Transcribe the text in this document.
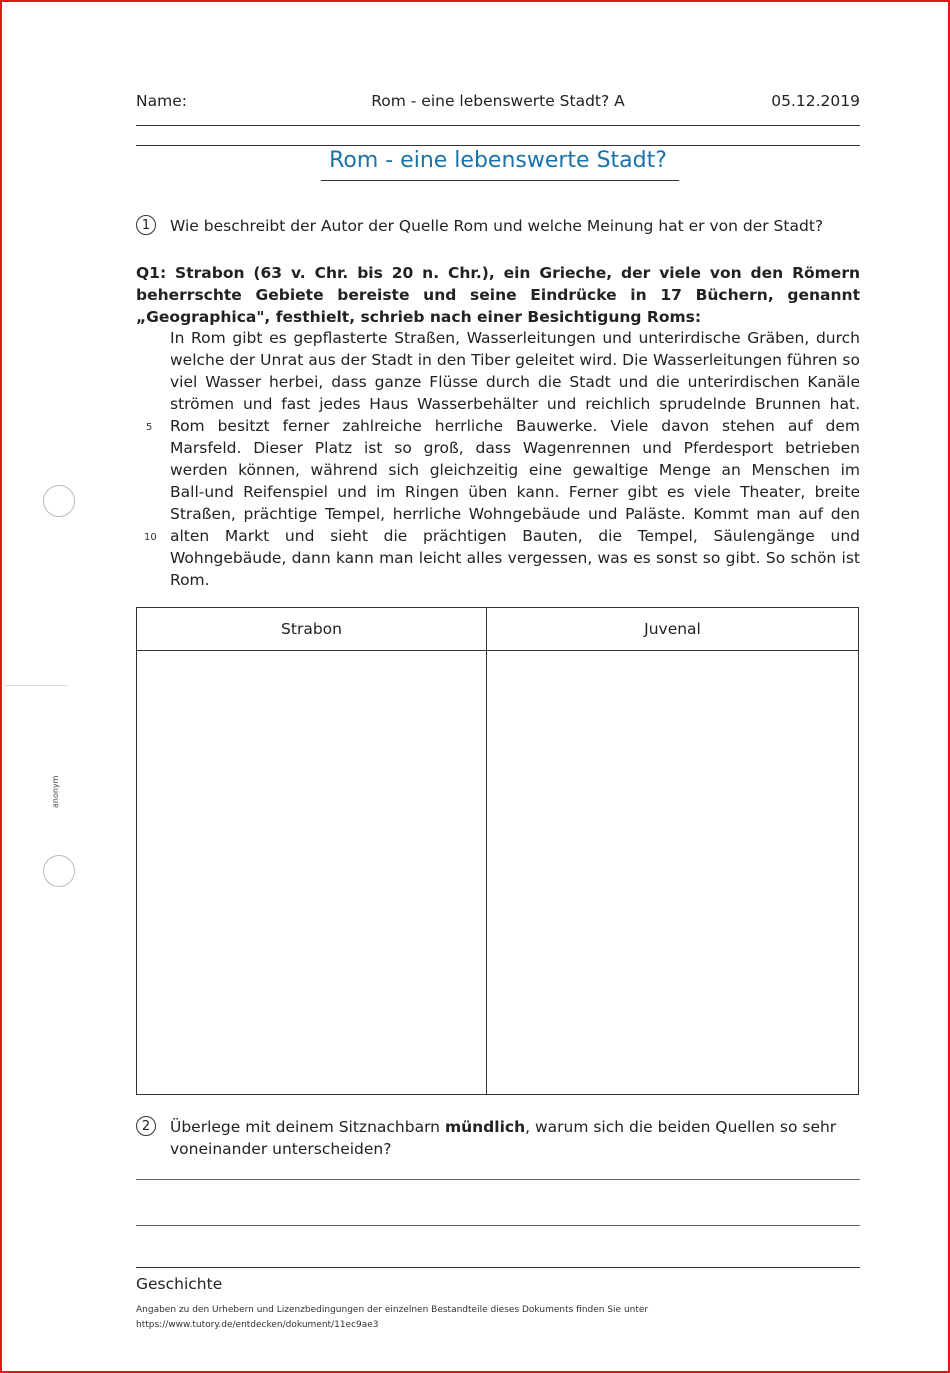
Name:	Rom - eine lebenswerte Stadt? A	05.12.2019
Rom - eine lebenswerte Stadt?
1	Wie beschreibt der Autor der Quelle Rom und welche Meinung hat er von der Stadt?
Q1: Strabon (63 v. Chr. bis 20 n. Chr.), ein Grieche, der viele von den Römern
beherrschte Gebiete bereiste und seine Eindrücke in 17 Büchern, genannt
„Geographica", festhielt, schrieb nach einer Besichtigung Roms:
In Rom gibt es gepflasterte Straßen, Wasserleitungen und unterirdische Gräben, durch
welche der Unrat aus der Stadt in den Tiber geleitet wird. Die Wasserleitungen führen so
viel Wasser herbei, dass ganze Flüsse durch die Stadt und die unterirdischen Kanäle
strömen und fast jedes Haus Wasserbehälter und reichlich sprudelnde Brunnen hat.
Rom besitzt ferner zahlreiche herrliche Bauwerke. Viele davon stehen auf dem
Marsfeld. Dieser Platz ist so groß, dass Wagenrennen und Pferdesport betrieben
werden können, während sich gleichzeitig eine gewaltige Menge an Menschen im
Ball-und Reifenspiel und im Ringen üben kann. Ferner gibt es viele Theater, breite
Straßen, prächtige Tempel, herrliche Wohngebäude und Paläste. Kommt man auf den
alten Markt und sieht die prächtigen Bauten, die Tempel, Säulengänge und
Wohngebäude, dann kann man leicht alles vergessen, was es sonst so gibt. So schön ist
Rom.
5
10
Strabon	Juvenal

2	Überlege mit deinem Sitznachbarn mündlich, warum sich die beiden Quellen so sehr
voneinander unterscheiden?
Geschichte
Angaben zu den Urhebern und Lizenzbedingungen der einzelnen Bestandteile dieses Dokuments finden Sie unter
https://www.tutory.de/entdecken/dokument/11ec9ae3
anonym
